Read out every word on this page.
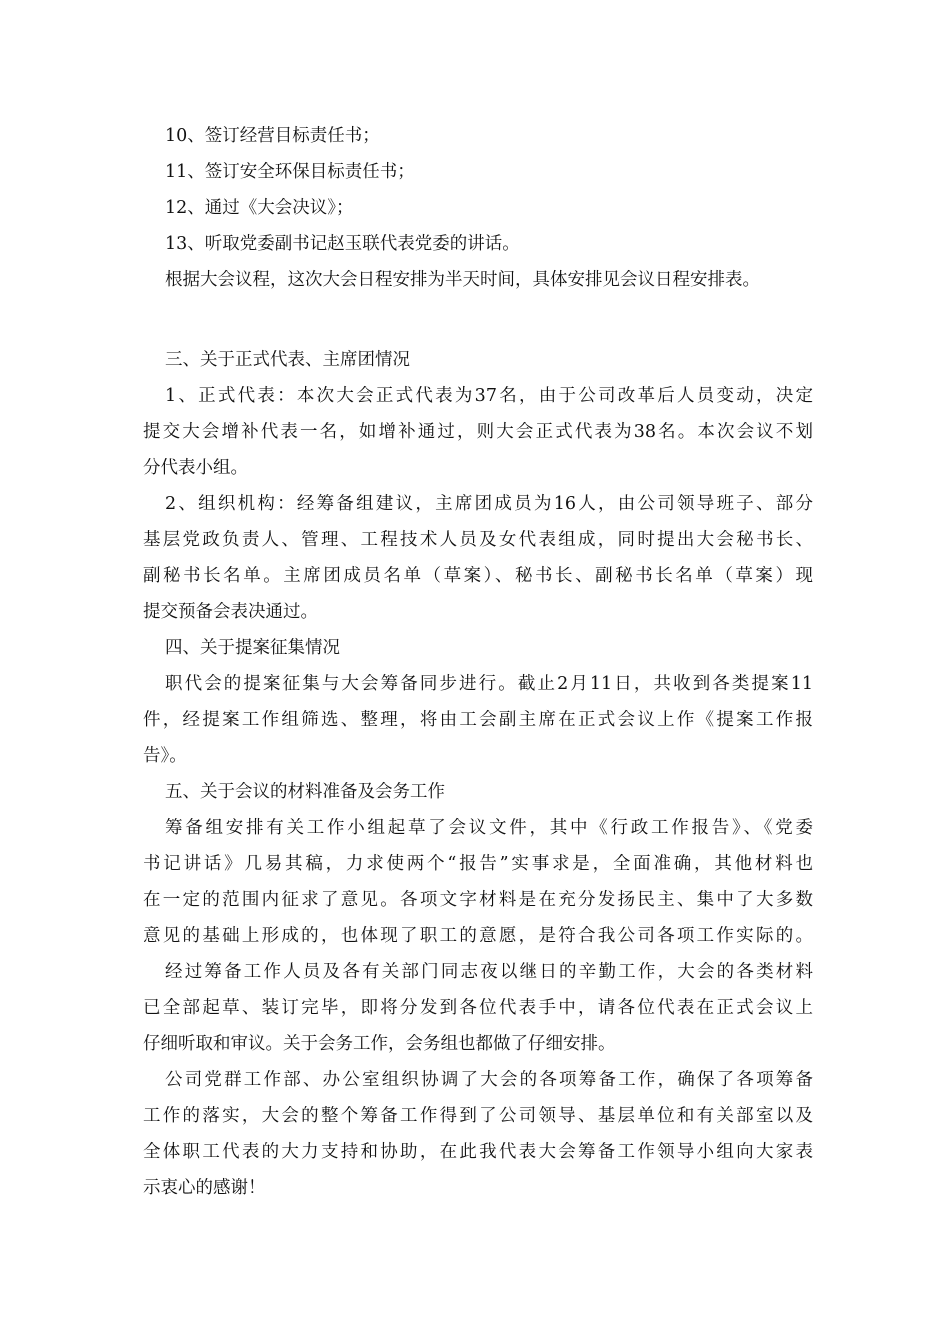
10、签订经营目标责任书；
11、签订安全环保目标责任书；
12、通过《大会决议》；
13、听取党委副书记赵玉联代表党委的讲话。
根据大会议程，这次大会日程安排为半天时间，具体安排见会议日程安排表。
三、关于正式代表、主席团情况
1、正式代表：本次大会正式代表为37名，由于公司改革后人员变动，决定
提交大会增补代表一名，如增补通过，则大会正式代表为38名。本次会议不划
分代表小组。
2、组织机构：经筹备组建议，主席团成员为16人，由公司领导班子、部分
基层党政负责人、管理、工程技术人员及女代表组成，同时提出大会秘书长、
副秘书长名单。主席团成员名单（草案）、秘书长、副秘书长名单（草案）现
提交预备会表决通过。
四、关于提案征集情况
职代会的提案征集与大会筹备同步进行。截止2月11日，共收到各类提案11
件，经提案工作组筛选、整理，将由工会副主席在正式会议上作《提案工作报
告》。
五、关于会议的材料准备及会务工作
筹备组安排有关工作小组起草了会议文件，其中《行政工作报告》、《党委
书记讲话》几易其稿，力求使两个“报告”实事求是，全面准确，其他材料也
在一定的范围内征求了意见。各项文字材料是在充分发扬民主、集中了大多数
意见的基础上形成的，也体现了职工的意愿，是符合我公司各项工作实际的。
经过筹备工作人员及各有关部门同志夜以继日的辛勤工作，大会的各类材料
已全部起草、装订完毕，即将分发到各位代表手中，请各位代表在正式会议上
仔细听取和审议。关于会务工作，会务组也都做了仔细安排。
公司党群工作部、办公室组织协调了大会的各项筹备工作，确保了各项筹备
工作的落实，大会的整个筹备工作得到了公司领导、基层单位和有关部室以及
全体职工代表的大力支持和协助，在此我代表大会筹备工作领导小组向大家表
示衷心的感谢！
